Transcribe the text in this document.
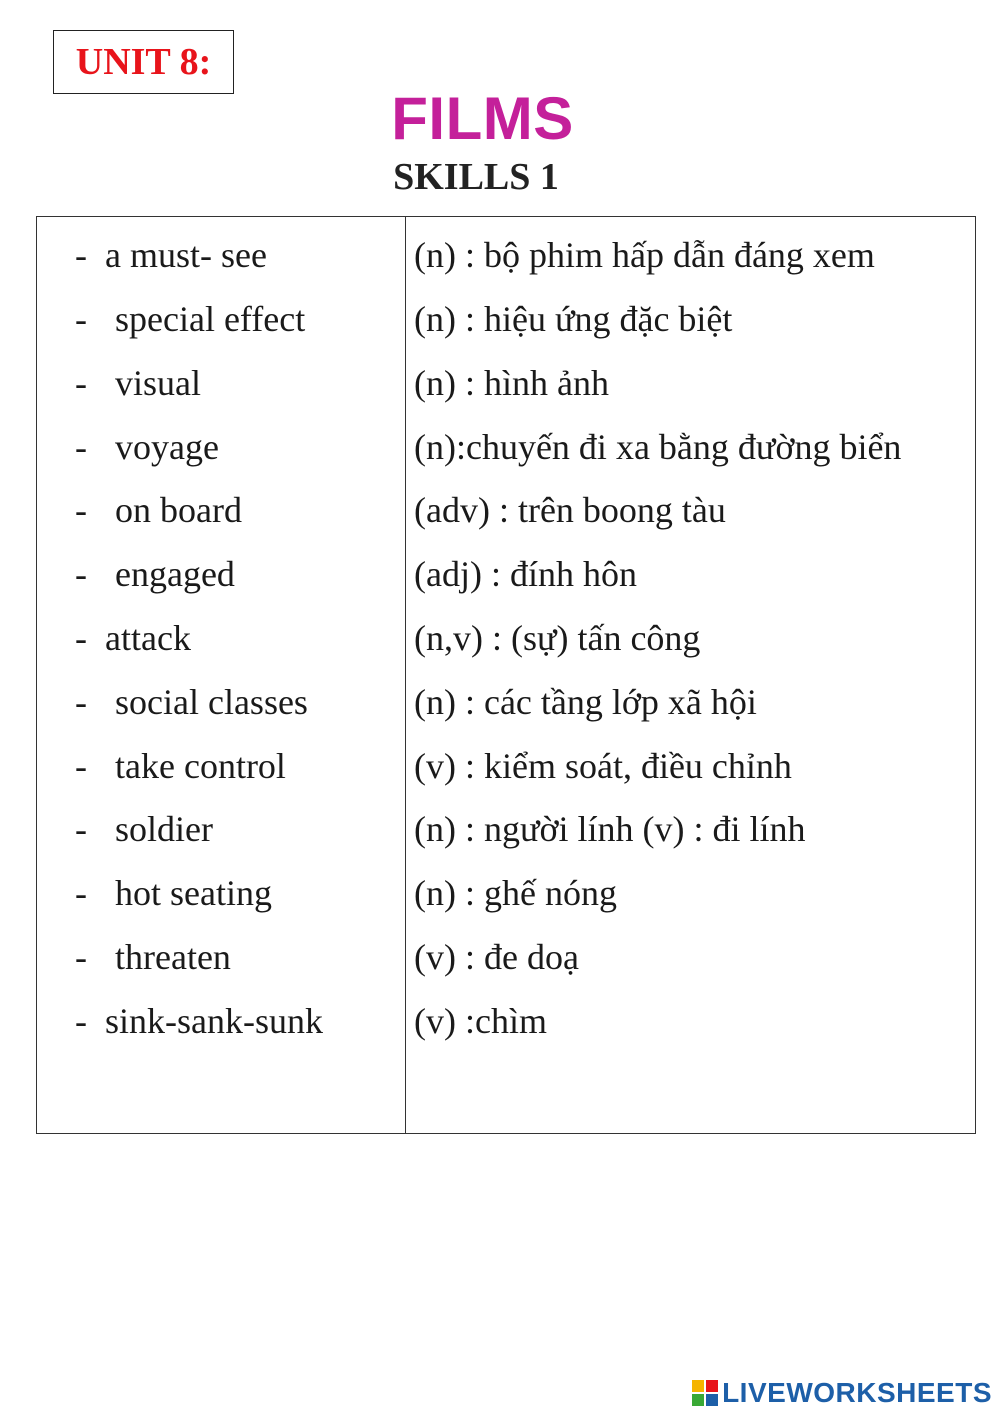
UNIT 8:
FILMS
SKILLS 1
- a must- see	(n) : bộ phim hấp dẫn đáng xem
- special effect	(n) : hiệu ứng đặc biệt
- visual	(n) : hình ảnh
- voyage	(n):chuyến đi xa bằng đường biển
- on board	(adv) : trên boong tàu
- engaged	(adj) : đính hôn
- attack	(n,v) : (sự) tấn công
- social classes	(n) : các tầng lớp xã hội
- take control	(v) : kiểm soát, điều chỉnh
- soldier	(n) : người lính (v) : đi lính
- hot seating	(n) : ghế nóng
- threaten	(v) : đe doạ
- sink-sank-sunk	(v) :chìm
LIVEWORKSHEETS
